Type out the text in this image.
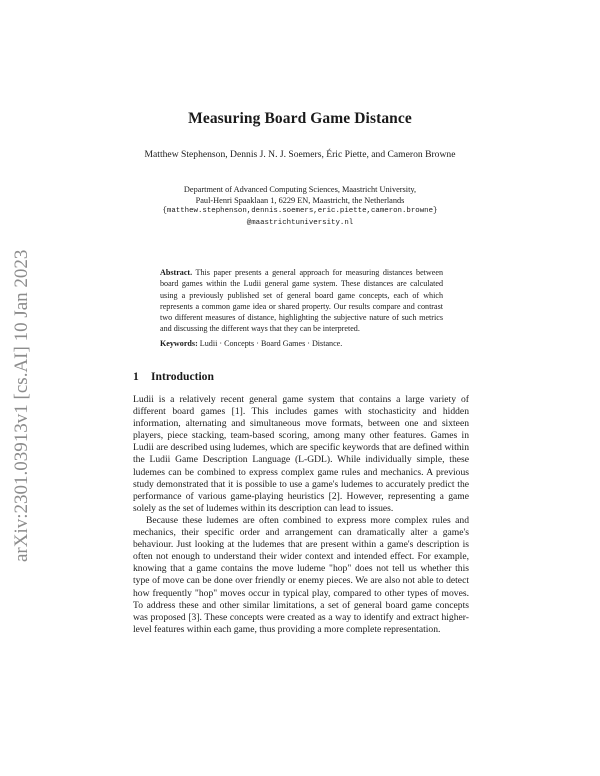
arXiv:2301.03913v1 [cs.AI] 10 Jan 2023
Measuring Board Game Distance
Matthew Stephenson, Dennis J. N. J. Soemers, Éric Piette, and Cameron Browne
Department of Advanced Computing Sciences, Maastricht University,
Paul-Henri Spaaklaan 1, 6229 EN, Maastricht, the Netherlands
{matthew.stephenson,dennis.soemers,eric.piette,cameron.browne}
@maastrichtuniversity.nl
Abstract. This paper presents a general approach for measuring distances between board games within the Ludii general game system. These distances are calculated using a previously published set of general board game concepts, each of which represents a common game idea or shared property. Our results compare and contrast two different measures of distance, highlighting the subjective nature of such metrics and discussing the different ways that they can be interpreted.
Keywords: Ludii · Concepts · Board Games · Distance.
1 Introduction

Ludii is a relatively recent general game system that contains a large variety of different board games [1]. This includes games with stochasticity and hidden information, alternating and simultaneous move formats, between one and sixteen players, piece stacking, team-based scoring, among many other features. Games in Ludii are described using ludemes, which are specific keywords that are defined within the Ludii Game Description Language (L-GDL). While individually simple, these ludemes can be combined to express complex game rules and mechanics. A previous study demonstrated that it is possible to use a game's ludemes to accurately predict the performance of various game-playing heuristics [2]. However, representing a game solely as the set of ludemes within its description can lead to issues.

Because these ludemes are often combined to express more complex rules and mechanics, their specific order and arrangement can dramatically alter a game's behaviour. Just looking at the ludemes that are present within a game's description is often not enough to understand their wider context and intended effect. For example, knowing that a game contains the move ludeme "hop" does not tell us whether this type of move can be done over friendly or enemy pieces. We are also not able to detect how frequently "hop" moves occur in typical play, compared to other types of moves. To address these and other similar limitations, a set of general board game concepts was proposed [3]. These concepts were created as a way to identify and extract higher-level features within each game, thus providing a more complete representation.
